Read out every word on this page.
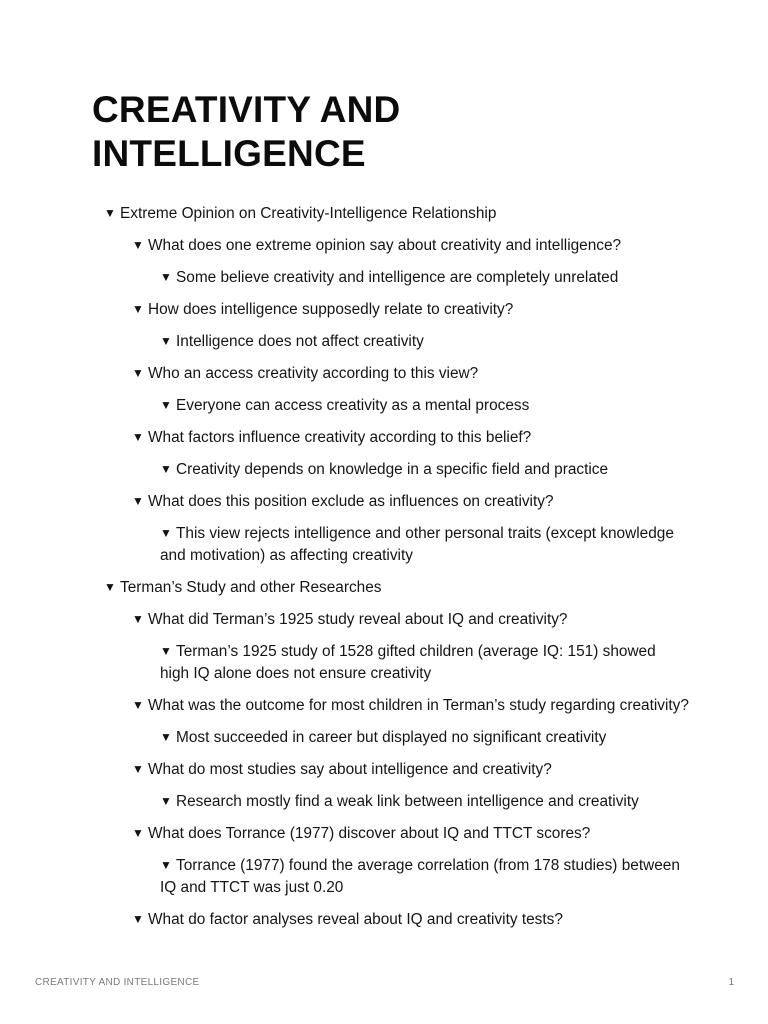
CREATIVITY AND INTELLIGENCE
▼ Extreme Opinion on Creativity-Intelligence Relationship
▼ What does one extreme opinion say about creativity and intelligence?
▼ Some believe creativity and intelligence are completely unrelated
▼ How does intelligence supposedly relate to creativity?
▼ Intelligence does not affect creativity
▼ Who an access creativity according to this view?
▼ Everyone can access creativity as a mental process
▼ What factors influence creativity according to this belief?
▼ Creativity depends on knowledge in a specific field and practice
▼ What does this position exclude as influences on creativity?
▼ This view rejects intelligence and other personal traits (except knowledge and motivation) as affecting creativity
▼ Terman’s Study and other Researches
▼ What did Terman’s 1925 study reveal about IQ and creativity?
▼ Terman’s 1925 study of 1528 gifted children (average IQ: 151) showed high IQ alone does not ensure creativity
▼ What was the outcome for most children in Terman’s study regarding creativity?
▼ Most succeeded in career but displayed no significant creativity
▼ What do most studies say about intelligence and creativity?
▼ Research mostly find a weak link between intelligence and creativity
▼ What does Torrance (1977) discover about IQ and TTCT scores?
▼ Torrance (1977) found the average correlation (from 178 studies) between IQ and TTCT was just 0.20
▼ What do factor analyses reveal about IQ and creativity tests?
CREATIVITY AND INTELLIGENCE	1
